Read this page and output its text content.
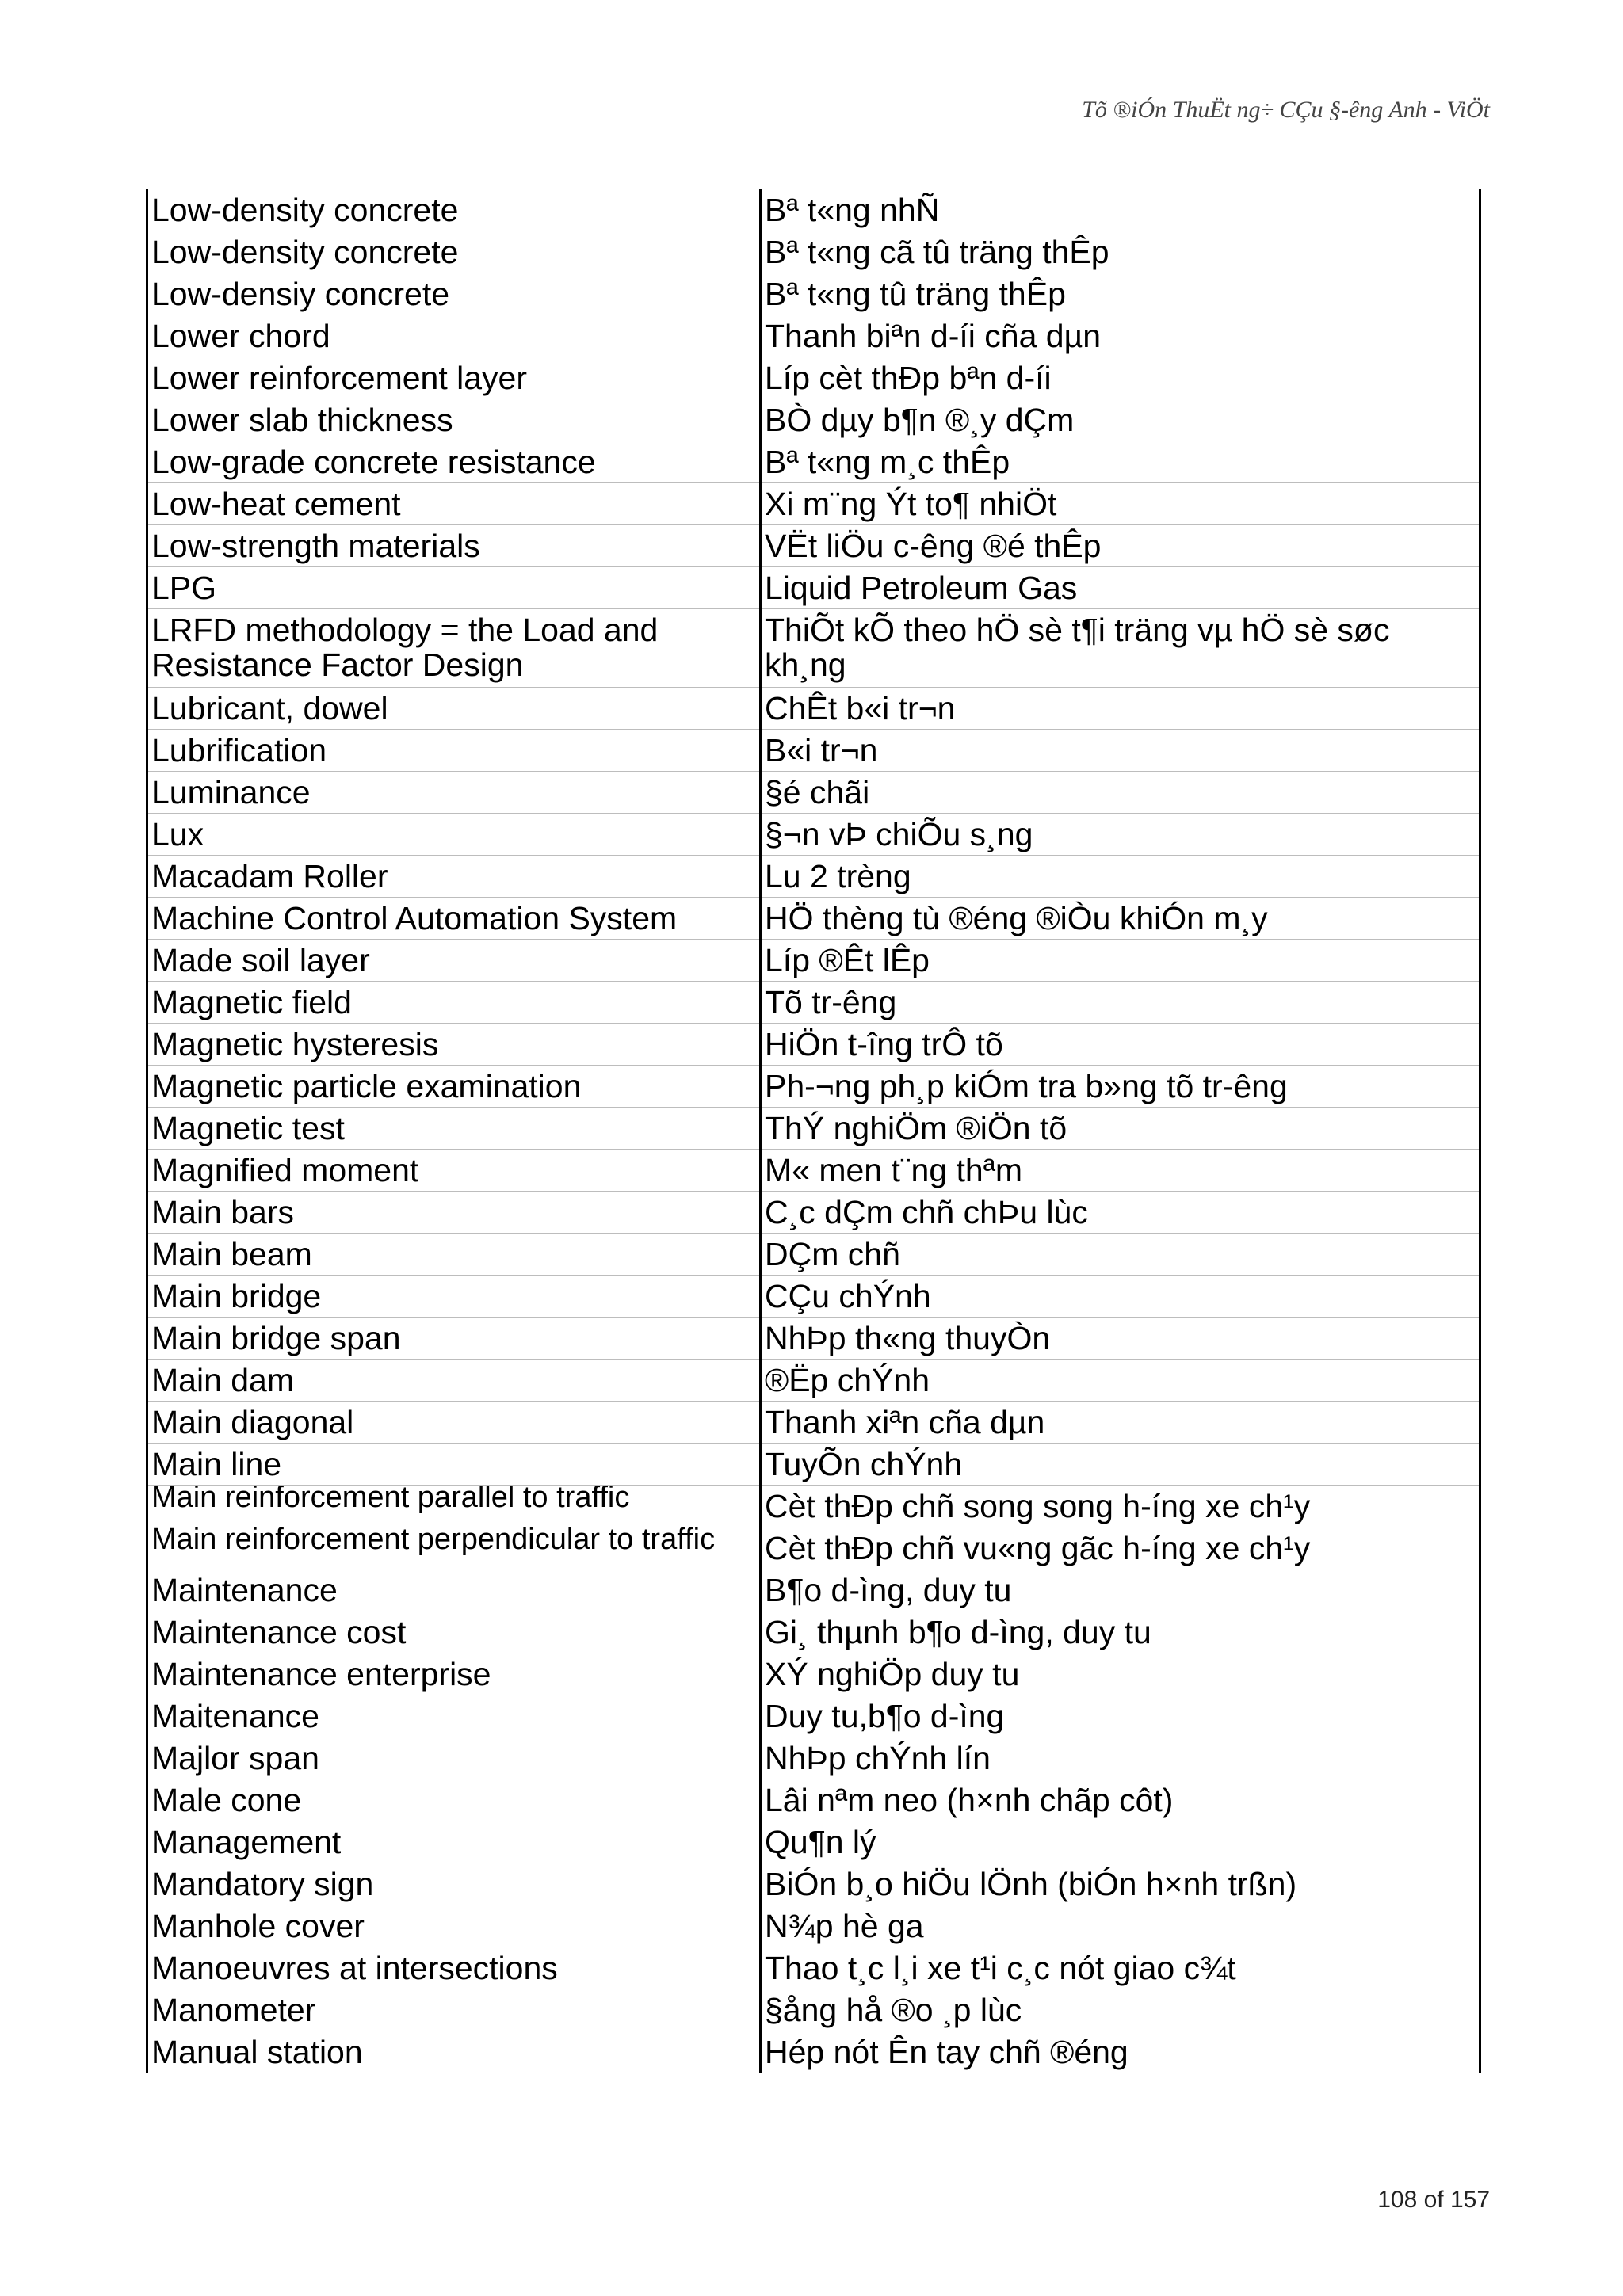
Tõ ®iÓn ThuËt ng÷ CÇu §-êng Anh - ViÖt
Low-density concrete	Bª t«ng nhÑ
Low-density concrete	Bª t«ng cã tû träng thÊp
Low-densiy concrete	Bª t«ng tû träng thÊp
Lower chord	Thanh biªn d-íi cña dµn
Lower reinforcement layer	Líp cèt thÐp bªn d-íi
Lower slab thickness	BÒ dµy b¶n ®¸y dÇm
Low-grade concrete resistance	Bª t«ng m¸c thÊp
Low-heat cement	Xi m¨ng Ýt to¶ nhiÖt
Low-strength materials	VËt liÖu c-êng ®é thÊp
LPG	Liquid Petroleum Gas
LRFD methodology = the Load and Resistance Factor Design	ThiÕt kÕ theo hÖ sè t¶i träng vµ hÖ sè søc kh¸ng
Lubricant, dowel	ChÊt b«i tr¬n
Lubrification	B«i tr¬n
Luminance	§é chãi
Lux	§¬n vÞ chiÕu s¸ng
Macadam Roller	Lu 2 trèng
Machine Control Automation System	HÖ thèng tù ®éng ®iÒu khiÓn m¸y
Made soil layer	Líp ®Êt lÊp
Magnetic field	Tõ tr-êng
Magnetic hysteresis	HiÖn t-îng trÔ tõ
Magnetic particle examination	Ph-¬ng ph¸p kiÓm tra b»ng tõ tr-êng
Magnetic test	ThÝ nghiÖm ®iÖn tõ
Magnified moment	M« men t¨ng thªm
Main bars	C¸c dÇm chñ chÞu lùc
Main beam	DÇm chñ
Main bridge	CÇu chÝnh
Main bridge span	NhÞp th«ng thuyÒn
Main dam	®Ëp chÝnh
Main diagonal	Thanh xiªn cña dµn
Main line	TuyÕn chÝnh
Main reinforcement parallel to traffic	Cèt thÐp chñ song song h-íng xe ch¹y
Main reinforcement perpendicular to traffic	Cèt thÐp chñ vu«ng gãc h-íng xe ch¹y
Maintenance	B¶o d-ìng, duy tu
Maintenance cost	Gi¸ thµnh b¶o d-ìng, duy tu
Maintenance enterprise	XÝ nghiÖp duy tu
Maitenance	Duy tu,b¶o d-ìng
Majlor span	NhÞp chÝnh lín
Male cone	Lâi nªm neo (h×nh chãp côt)
Management	Qu¶n lý
Mandatory sign	BiÓn b¸o hiÖu lÖnh (biÓn h×nh trßn)
Manhole cover	N¾p hè ga
Manoeuvres at intersections	Thao t¸c l¸i xe t¹i c¸c nót giao c¾t
Manometer	§ång hå ®o ¸p lùc
Manual station	Hép nót Ên tay chñ ®éng
108 of 157
